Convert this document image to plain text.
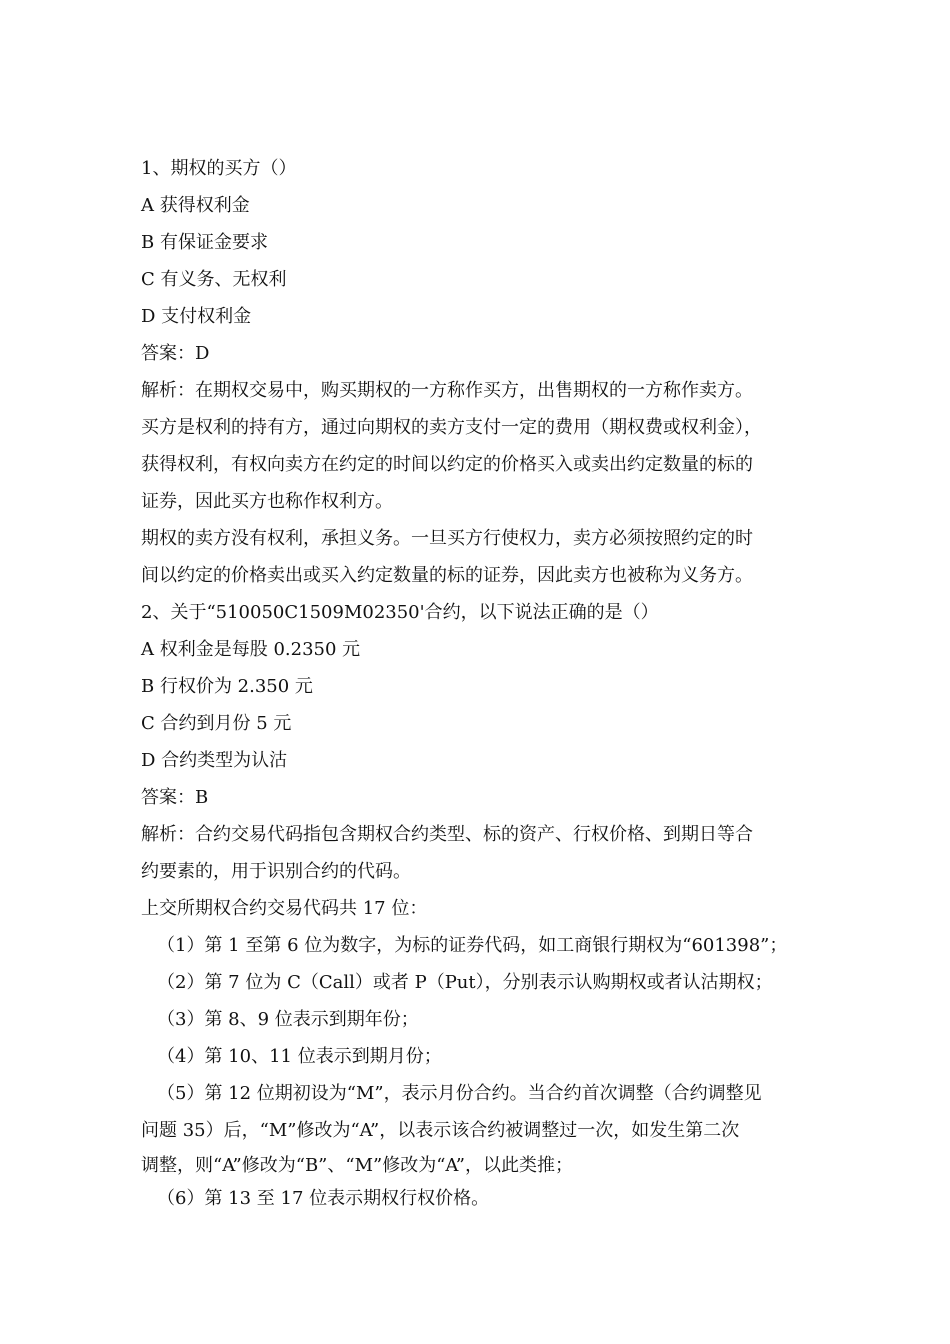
1、期权的买方（）
A 获得权利金
B 有保证金要求
C 有义务、无权利
D 支付权利金
答案：D
解析：在期权交易中，购买期权的一方称作买方，出售期权的一方称作卖方。
买方是权利的持有方，通过向期权的卖方支付一定的费用（期权费或权利金），
获得权利，有权向卖方在约定的时间以约定的价格买入或卖出约定数量的标的
证券，因此买方也称作权利方。
期权的卖方没有权利，承担义务。一旦买方行使权力，卖方必须按照约定的时
间以约定的价格卖出或买入约定数量的标的证券，因此卖方也被称为义务方。
2、关于“510050C1509M02350'合约，以下说法正确的是（）
A 权利金是每股 0.2350 元
B 行权价为 2.350 元
C 合约到月份 5 元
D 合约类型为认沽
答案：B
解析：合约交易代码指包含期权合约类型、标的资产、行权价格、到期日等合
约要素的，用于识别合约的代码。
上交所期权合约交易代码共 17 位：
（1）第 1 至第 6 位为数字，为标的证券代码，如工商银行期权为“601398”；
（2）第 7 位为 C（Call）或者 P（Put），分别表示认购期权或者认沽期权；
（3）第 8、9 位表示到期年份；
（4）第 10、11 位表示到期月份；
（5）第 12 位期初设为“M”，表示月份合约。当合约首次调整（合约调整见
问题 35）后，“M”修改为“A”，以表示该合约被调整过一次，如发生第二次
调整，则“A”修改为“B”、“M”修改为“A”，以此类推；
（6）第 13 至 17 位表示期权行权价格。
